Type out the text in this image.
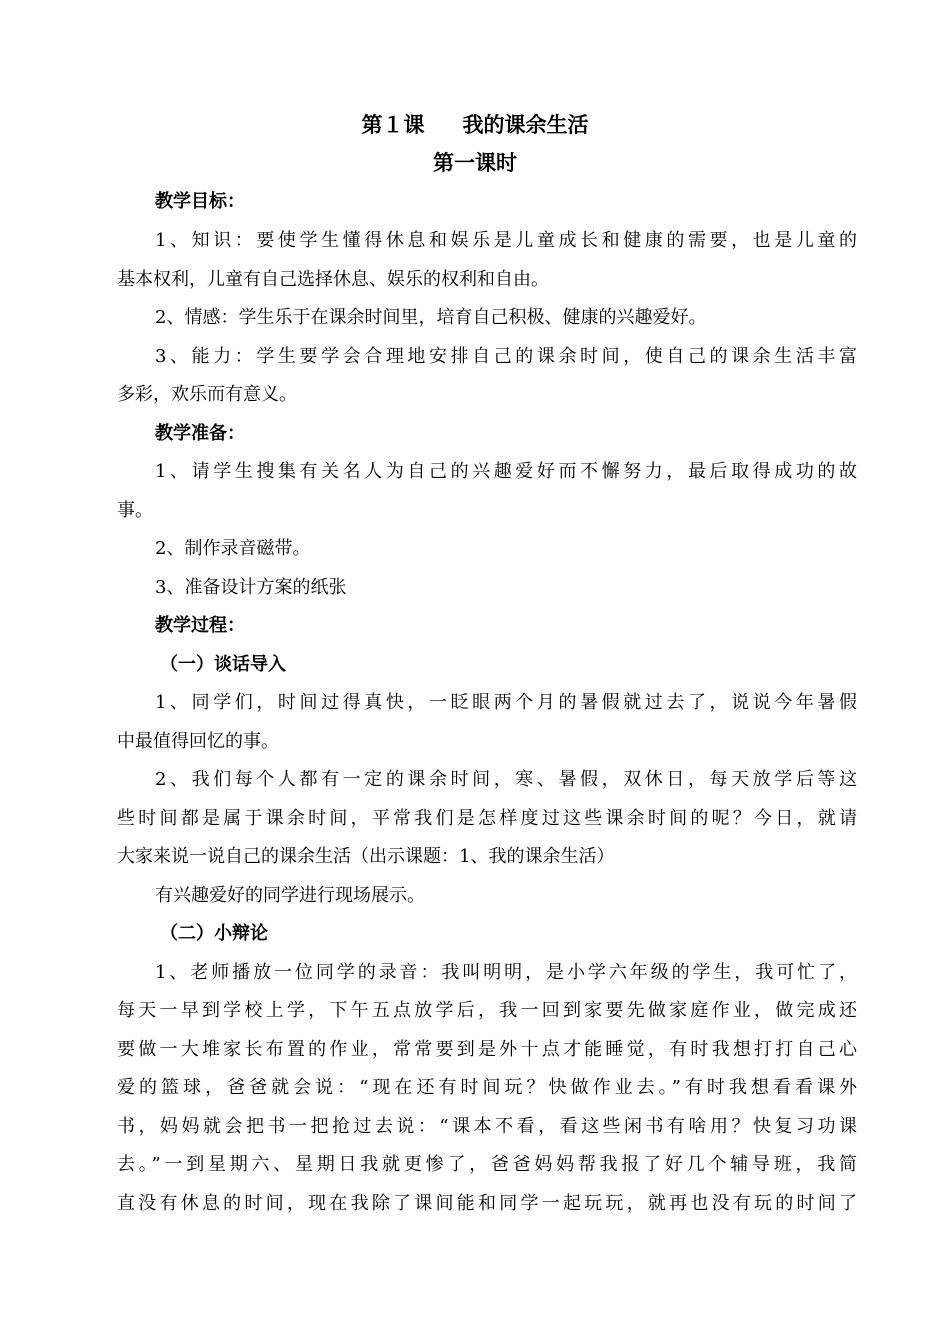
第１课 我的课余生活
第一课时
教学目标：
1、知识：要使学生懂得休息和娱乐是儿童成长和健康的需要，也是儿童的
基本权利，儿童有自己选择休息、娱乐的权利和自由。
2、情感：学生乐于在课余时间里，培育自己积极、健康的兴趣爱好。
3、能力：学生要学会合理地安排自己的课余时间，使自己的课余生活丰富
多彩，欢乐而有意义。
教学准备：
1、请学生搜集有关名人为自己的兴趣爱好而不懈努力，最后取得成功的故
事。
2、制作录音磁带。
3、准备设计方案的纸张
教学过程：
（一）谈话导入
1、同学们，时间过得真快，一眨眼两个月的暑假就过去了，说说今年暑假
中最值得回忆的事。
2、我们每个人都有一定的课余时间，寒、暑假，双休日，每天放学后等这
些时间都是属于课余时间，平常我们是怎样度过这些课余时间的呢？今日，就请
大家来说一说自己的课余生活（出示课题：1、我的课余生活）
有兴趣爱好的同学进行现场展示。
（二）小辩论
1、老师播放一位同学的录音：我叫明明，是小学六年级的学生，我可忙了，
每天一早到学校上学，下午五点放学后，我一回到家要先做家庭作业，做完成还
要做一大堆家长布置的作业，常常要到是外十点才能睡觉，有时我想打打自己心
爱的篮球，爸爸就会说：“现在还有时间玩？快做作业去。”有时我想看看课外
书，妈妈就会把书一把抢过去说：“课本不看，看这些闲书有啥用？快复习功课
去。”一到星期六、星期日我就更惨了，爸爸妈妈帮我报了好几个辅导班，我简
直没有休息的时间，现在我除了课间能和同学一起玩玩，就再也没有玩的时间了
